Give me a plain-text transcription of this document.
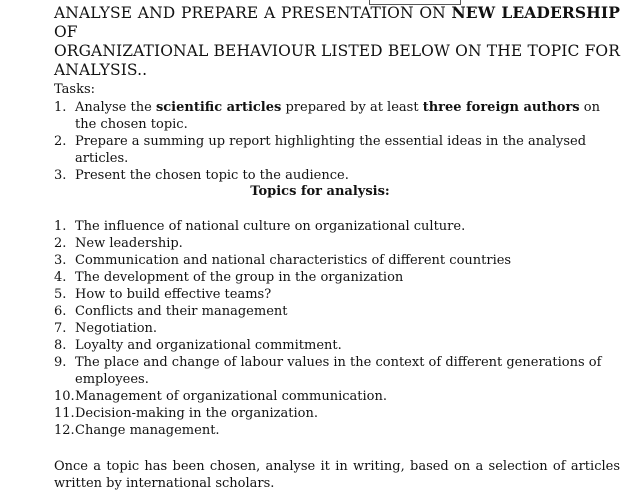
ANALYSE AND PREPARE A PRESENTATION ON NEW LEADERSHIP OF
ORGANIZATIONAL BEHAVIOUR LISTED BELOW ON THE TOPIC FOR
ANALYSIS..
Tasks:
1. Analyse the scientific articles prepared by at least three foreign authors on the chosen topic.
2. Prepare a summing up report highlighting the essential ideas in the analysed articles.
3. Present the chosen topic to the audience.
Topics for analysis:
1. The influence of national culture on organizational culture.
2. New leadership.
3. Communication and national characteristics of different countries
4. The development of the group in the organization
5. How to build effective teams?
6. Conflicts and their management
7. Negotiation.
8. Loyalty and organizational commitment.
9. The place and change of labour values in the context of different generations of employees.
10. Management of organizational communication.
11. Decision-making in the organization.
12. Change management.
Once a topic has been chosen, analyse it in writing, based on a selection of articles written by international scholars.
